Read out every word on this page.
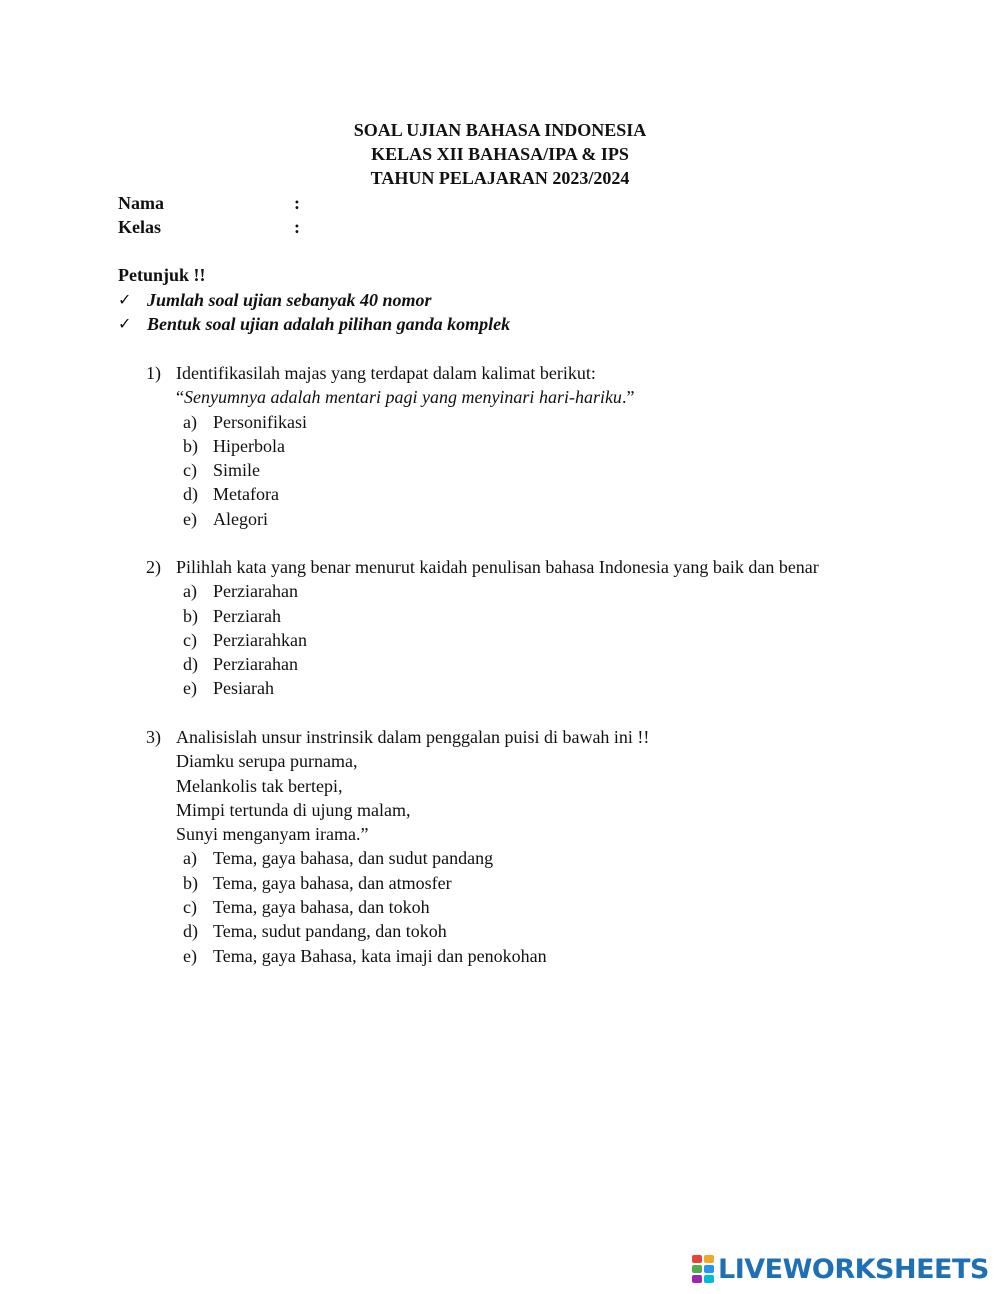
SOAL UJIAN BAHASA INDONESIA
KELAS XII BAHASA/IPA & IPS
TAHUN PELAJARAN 2023/2024
Nama	:
Kelas	:
Petunjuk !!
✓ Jumlah soal ujian sebanyak 40 nomor
✓ Bentuk soal ujian adalah pilihan ganda komplek
1) Identifikasilah majas yang terdapat dalam kalimat berikut:
“Senyumnya adalah mentari pagi yang menyinari hari-hariku.”
a) Personifikasi
b) Hiperbola
c) Simile
d) Metafora
e) Alegori
2) Pilihlah kata yang benar menurut kaidah penulisan bahasa Indonesia yang baik dan benar
a) Perziarahan
b) Perziarah
c) Perziarahkan
d) Perziarahan
e) Pesiarah
3) Analisislah unsur instrinsik dalam penggalan puisi di bawah ini !!
Diamku serupa purnama,
Melankolis tak bertepi,
Mimpi tertunda di ujung malam,
Sunyi menganyam irama.”
a) Tema, gaya bahasa, dan sudut pandang
b) Tema, gaya bahasa, dan atmosfer
c) Tema, gaya bahasa, dan tokoh
d) Tema, sudut pandang, dan tokoh
e) Tema, gaya Bahasa, kata imaji dan penokohan
LIVEWORKSHEETS
